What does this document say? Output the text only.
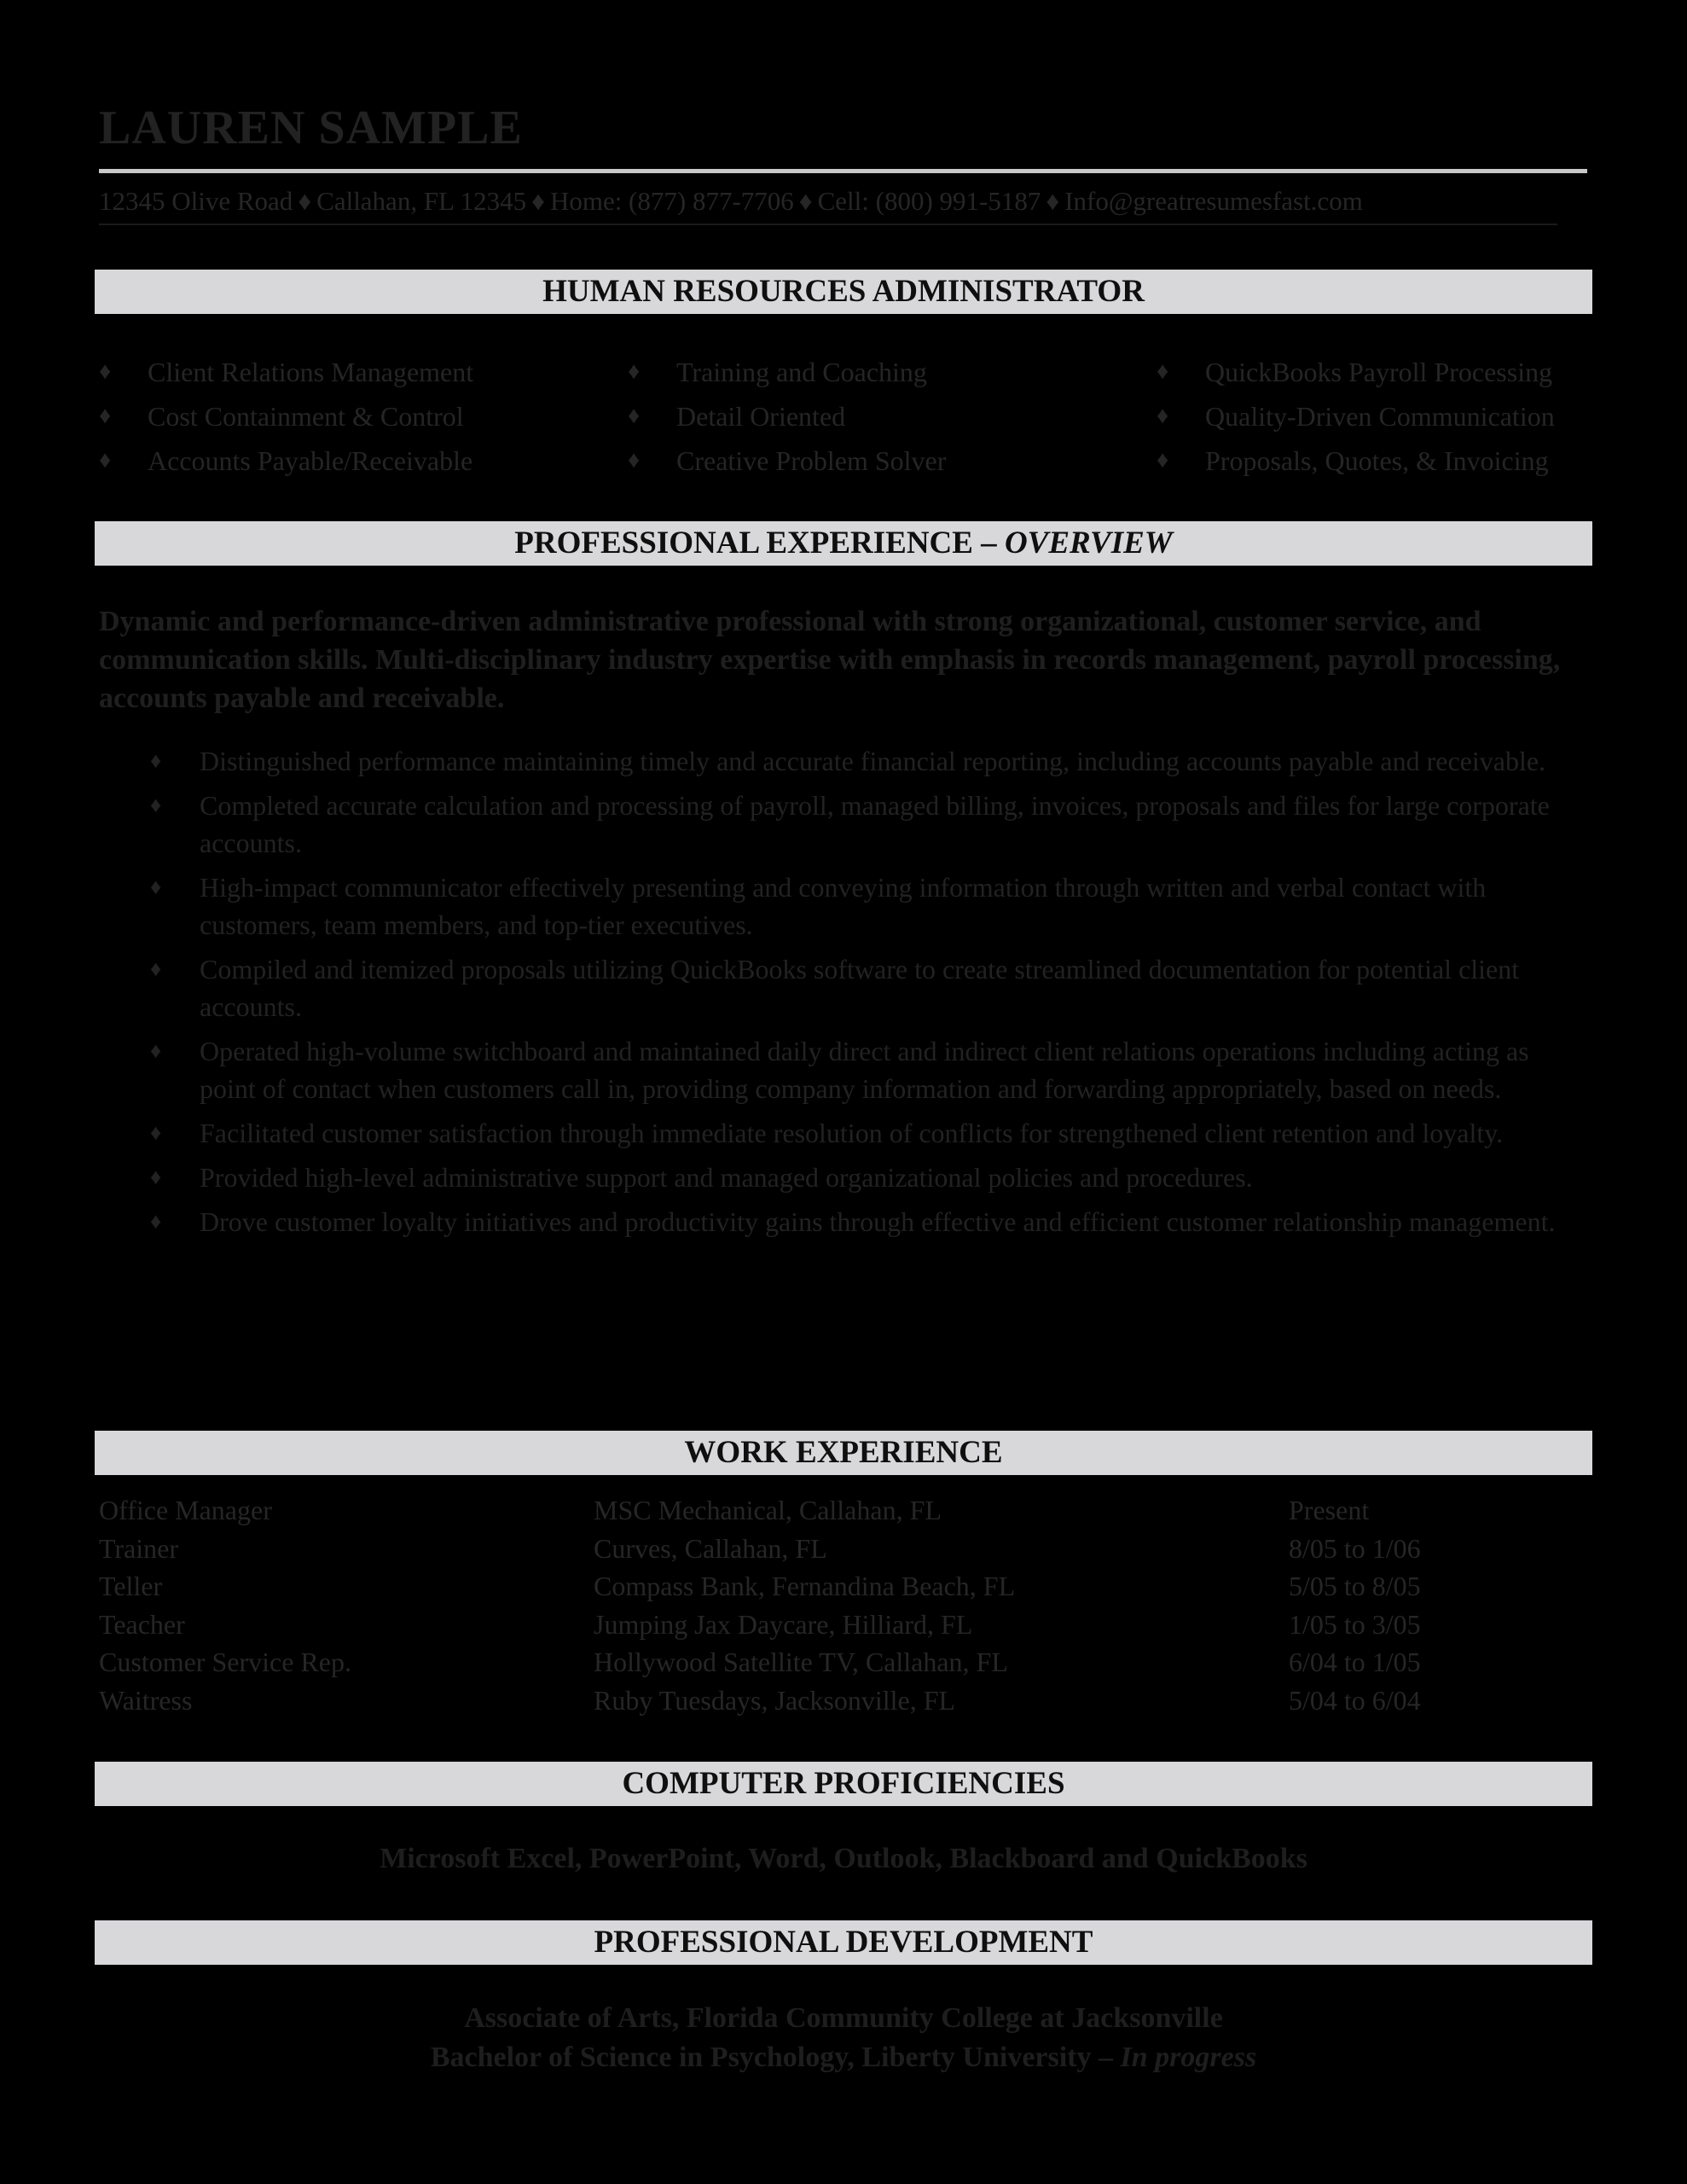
LAUREN SAMPLE
12345 Olive Road ♦ Callahan, FL 12345 ♦ Home: (877) 877-7706 ♦ Cell: (800) 991-5187 ♦ Info@greatresumesfast.com
HUMAN RESOURCES ADMINISTRATOR
♦ Client Relations Management
♦ Cost Containment & Control
♦ Accounts Payable/Receivable
♦ Training and Coaching
♦ Detail Oriented
♦ Creative Problem Solver
♦ QuickBooks Payroll Processing
♦ Quality-Driven Communication
♦ Proposals, Quotes, & Invoicing
PROFESSIONAL EXPERIENCE – OVERVIEW
Dynamic and performance-driven administrative professional with strong organizational, customer service, and communication skills. Multi-disciplinary industry expertise with emphasis in records management, payroll processing, accounts payable and receivable.
♦ Distinguished performance maintaining timely and accurate financial reporting, including accounts payable and receivable.
♦ Completed accurate calculation and processing of payroll, managed billing, invoices, proposals and files for large corporate accounts.
♦ High-impact communicator effectively presenting and conveying information through written and verbal contact with customers, team members, and top-tier executives.
♦ Compiled and itemized proposals utilizing QuickBooks software to create streamlined documentation for potential client accounts.
♦ Operated high-volume switchboard and maintained daily direct and indirect client relations operations including acting as point of contact when customers call in, providing company information and forwarding appropriately, based on needs.
♦ Facilitated customer satisfaction through immediate resolution of conflicts for strengthened client retention and loyalty.
♦ Provided high-level administrative support and managed organizational policies and procedures.
♦ Drove customer loyalty initiatives and productivity gains through effective and efficient customer relationship management.
WORK EXPERIENCE
Office Manager	MSC Mechanical, Callahan, FL	Present
Trainer	Curves, Callahan, FL	8/05 to 1/06
Teller	Compass Bank, Fernandina Beach, FL	5/05 to 8/05
Teacher	Jumping Jax Daycare, Hilliard, FL	1/05 to 3/05
Customer Service Rep.	Hollywood Satellite TV, Callahan, FL	6/04 to 1/05
Waitress	Ruby Tuesdays, Jacksonville, FL	5/04 to 6/04
COMPUTER PROFICIENCIES
Microsoft Excel, PowerPoint, Word, Outlook, Blackboard and QuickBooks
PROFESSIONAL DEVELOPMENT
Associate of Arts, Florida Community College at Jacksonville
Bachelor of Science in Psychology, Liberty University – In progress
